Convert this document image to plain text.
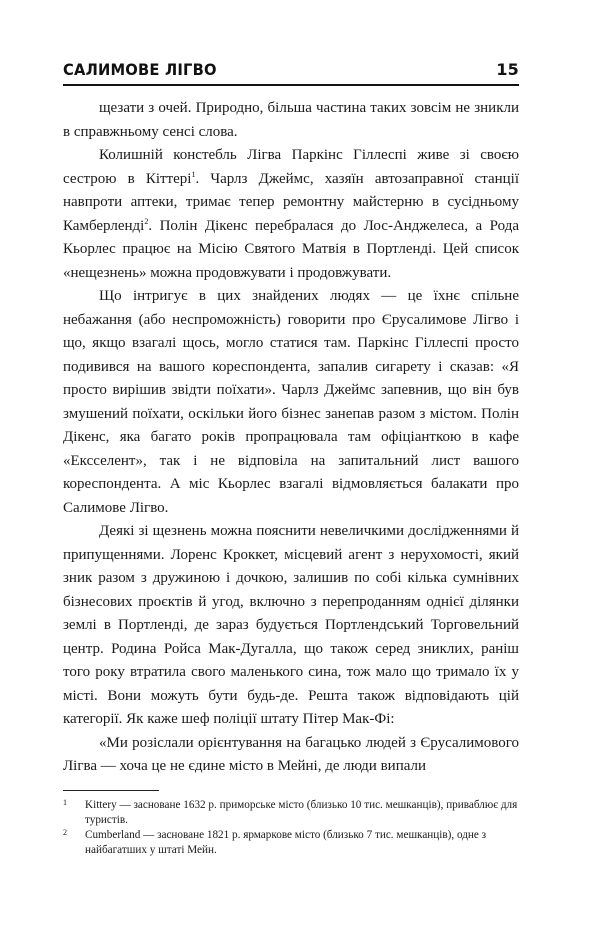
САЛИМОВЕ ЛІГВО	15

щезати з очей. Природно, більша частина таких зовсім не зникли в справжньому сенсі слова.

Колишній констебль Лігва Паркінс Гіллеспі живе зі своєю сестрою в Кіттері$^1$. Чарлз Джеймс, хазяїн автозаправної станції навпроти аптеки, тримає тепер ремонтну майстерню в сусідньому Камберленді$^2$. Полін Дікенс перебралася до Лос-Анджелеса, а Рода Кьорлес працює на Місію Святого Матвія в Портленді. Цей список «нещезнень» можна продовжувати і продовжувати.

Що інтригує в цих знайдених людях — це їхнє спільне небажання (або неспроможність) говорити про Єрусалимове Лігво і що, якщо взагалі щось, могло статися там. Паркінс Гіллеспі просто подивився на вашого кореспондента, запалив сигарету і сказав: «Я просто вирішив звідти поїхати». Чарлз Джеймс запевнив, що він був змушений поїхати, оскільки його бізнес занепав разом з містом. Полін Дікенс, яка багато років пропрацювала там офіціанткою в кафе «Ексселент», так і не відповіла на запитальний лист вашого кореспондента. А міс Кьорлес взагалі відмовляється балакати про Салимове Лігво.

Деякі зі щезнень можна пояснити невеличкими дослідженнями й припущеннями. Лоренс Кроккет, місцевий агент з нерухомості, який зник разом з дружиною і дочкою, залишив по собі кілька сумнівних бізнесових проєктів й угод, включно з перепроданням однієї ділянки землі в Портленді, де зараз будується Портлендський Торговельний центр. Родина Ройса Мак-Дугалла, що також серед зниклих, раніш того року втратила свого маленького сина, тож мало що тримало їх у місті. Вони можуть бути будь-де. Решта також відповідають цій категорії. Як каже шеф поліції штату Пітер Мак-Фі:

«Ми розіслали орієнтування на багацько людей з Єрусалимового Лігва — хоча це не єдине місто в Мейні, де люди випали

1 Kittery — засноване 1632 р. приморське місто (близько 10 тис. мешканців), приваблює для туристів.
2 Cumberland — засноване 1821 р. ярмаркове місто (близько 7 тис. мешканців), одне з найбагатших у штаті Мейн.
